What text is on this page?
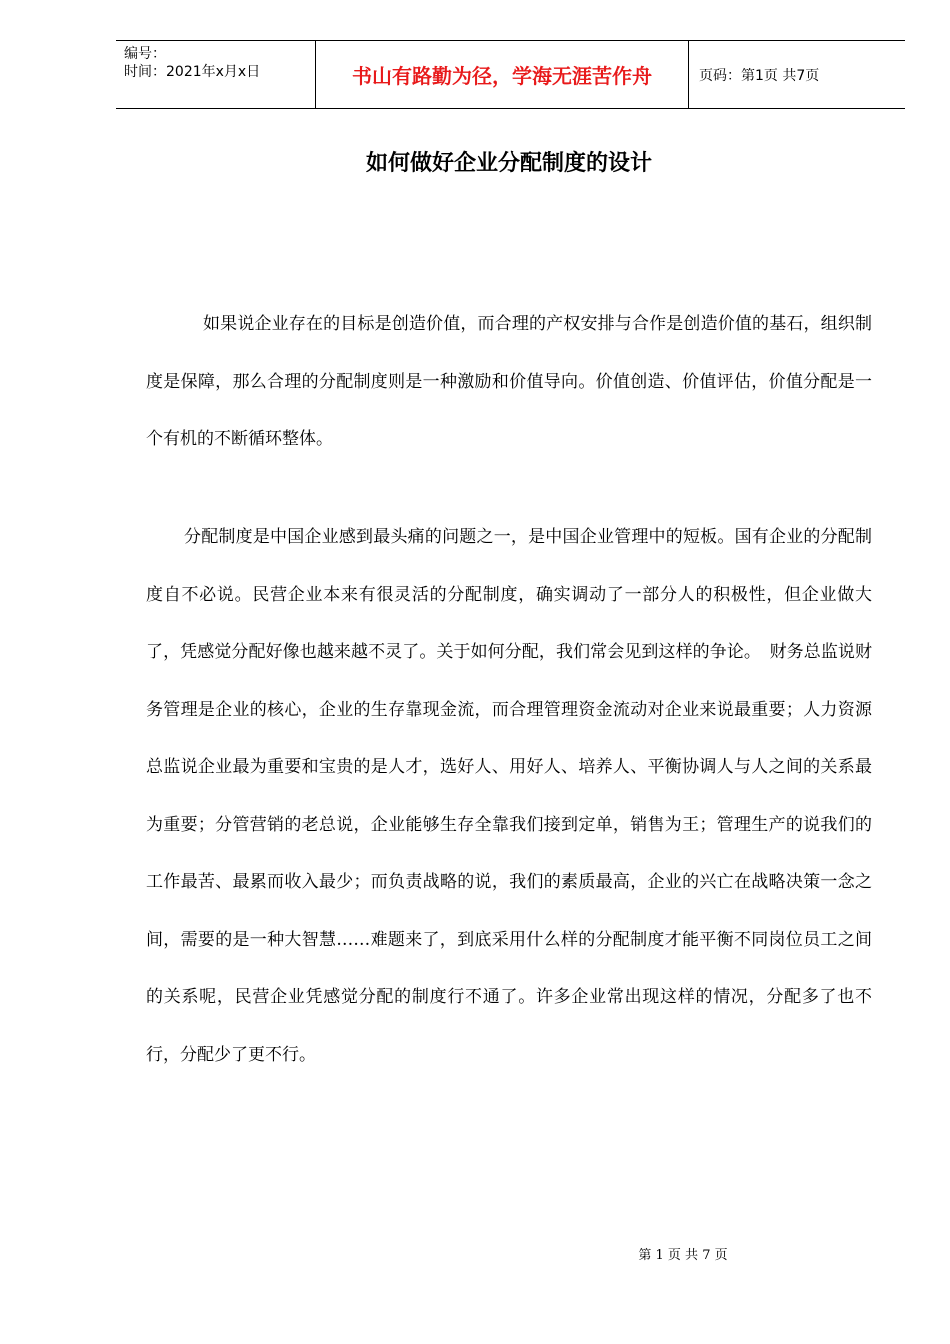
编号：
时间：2021年x月x日	书山有路勤为径，学海无涯苦作舟	页码：第1页 共7页
如何做好企业分配制度的设计

如果说企业存在的目标是创造价值，而合理的产权安排与合作是创造价值的基石，组织制度是保障，那么合理的分配制度则是一种激励和价值导向。价值创造、价值评估，价值分配是一个有机的不断循环整体。

分配制度是中国企业感到最头痛的问题之一，是中国企业管理中的短板。国有企业的分配制度自不必说。民营企业本来有很灵活的分配制度，确实调动了一部分人的积极性，但企业做大了，凭感觉分配好像也越来越不灵了。关于如何分配，我们常会见到这样的争论。　财务总监说财务管理是企业的核心，企业的生存靠现金流，而合理管理资金流动对企业来说最重要；人力资源总监说企业最为重要和宝贵的是人才，选好人、用好人、培养人、平衡协调人与人之间的关系最为重要；分管营销的老总说，企业能够生存全靠我们接到定单，销售为王；管理生产的说我们的工作最苦、最累而收入最少；而负责战略的说，我们的素质最高，企业的兴亡在战略决策一念之间，需要的是一种大智慧……难题来了，到底采用什么样的分配制度才能平衡不同岗位员工之间的关系呢，民营企业凭感觉分配的制度行不通了。许多企业常出现这样的情况，分配多了也不行，分配少了更不行。

第 1 页 共 7 页
